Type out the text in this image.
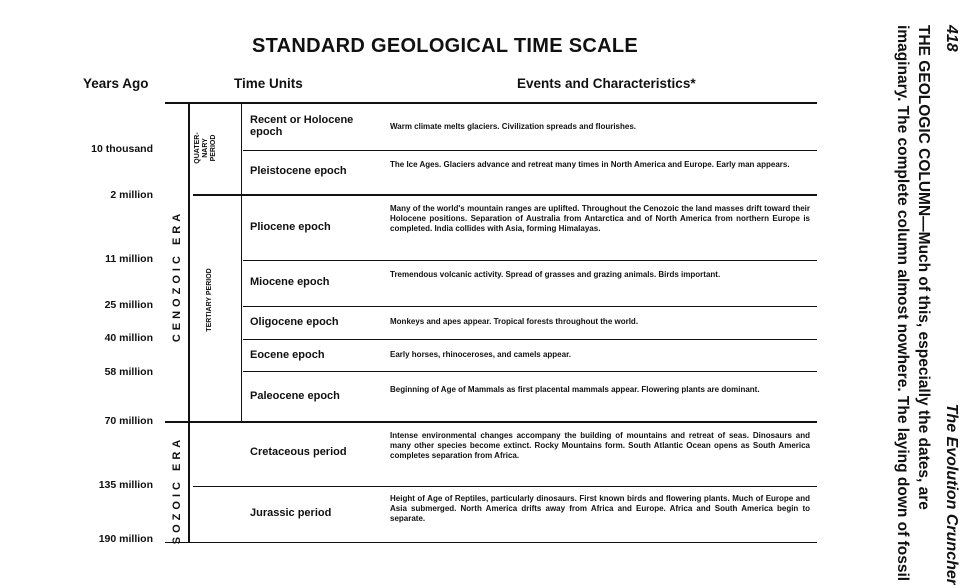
STANDARD GEOLOGICAL TIME SCALE
Years Ago	Time Units	Events and Characteristics*
10 thousand
2 million
11 million
25 million
40 million
58 million
70 million
135 million
190 million
CENOZOIC ERA
SOZOIC ERA
QUATER- NARY PERIOD
TERTIARY PERIOD
Recent or Holocene epoch
Pleistocene epoch
Pliocene epoch
Miocene epoch
Oligocene epoch
Eocene epoch
Paleocene epoch
Cretaceous period
Jurassic period
Warm climate melts glaciers. Civilization spreads and flourishes.
The Ice Ages. Glaciers advance and retreat many times in North America and Europe. Early man appears.
Many of the world's mountain ranges are uplifted. Throughout the Cenozoic the land masses drift toward their Holocene positions. Separation of Australia from Antarctica and of North America from northern Europe is completed. India collides with Asia, forming Himalayas.
Tremendous volcanic activity. Spread of grasses and grazing animals. Birds important.
Monkeys and apes appear. Tropical forests throughout the world.
Early horses, rhinoceroses, and camels appear.
Beginning of Age of Mammals as first placental mammals appear. Flowering plants are dominant.
Intense environmental changes accompany the building of mountains and retreat of seas. Dinosaurs and many other species become extinct. Rocky Mountains form. South Atlantic Ocean opens as South America completes separation from Africa.
Height of Age of Reptiles, particularly dinosaurs. First known birds and flowering plants. Much of Europe and Asia submerged. North America drifts away from Africa and Europe. Africa and South America begin to separate.
418
The Evolution Cruncher
THE GEOLOGIC COLUMN—Much of this, especially the dates, are imaginary. The complete column almost nowhere. The laying down of fossil
